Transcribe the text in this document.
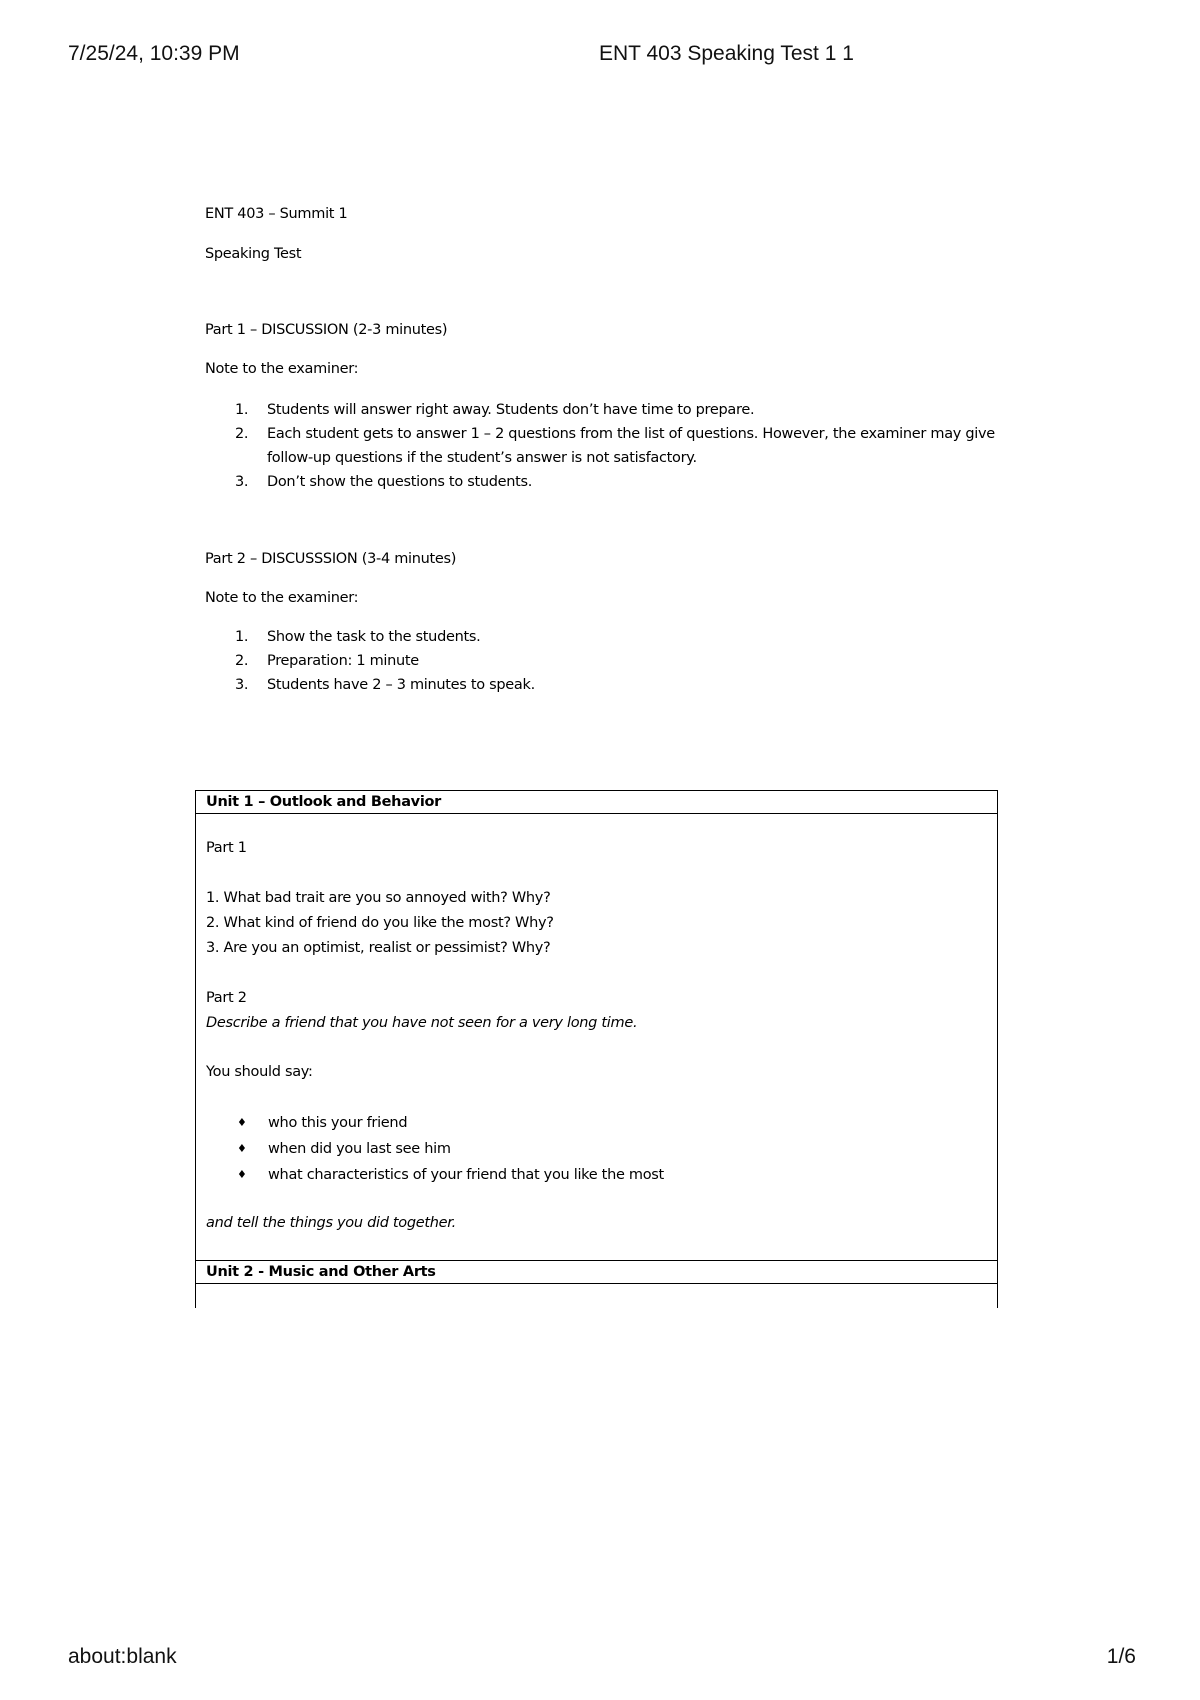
7/25/24, 10:39 PM	ENT 403 Speaking Test 1 1
ENT 403 – Summit 1
Speaking Test
Part 1 – DISCUSSION (2-3 minutes)
Note to the examiner:
1. Students will answer right away. Students don’t have time to prepare.
2. Each student gets to answer 1 – 2 questions from the list of questions. However, the examiner may give follow-up questions if the student’s answer is not satisfactory.
3. Don’t show the questions to students.
Part 2 – DISCUSSSION (3-4 minutes)
Note to the examiner:
1. Show the task to the students.
2. Preparation: 1 minute
3. Students have 2 – 3 minutes to speak.
Unit 1 – Outlook and Behavior
Part 1
1. What bad trait are you so annoyed with? Why?
2. What kind of friend do you like the most? Why?
3. Are you an optimist, realist or pessimist? Why?
Part 2
Describe a friend that you have not seen for a very long time.
You should say:
♦ who this your friend
♦ when did you last see him
♦ what characteristics of your friend that you like the most
and tell the things you did together.
Unit 2 - Music and Other Arts
about:blank	1/6
